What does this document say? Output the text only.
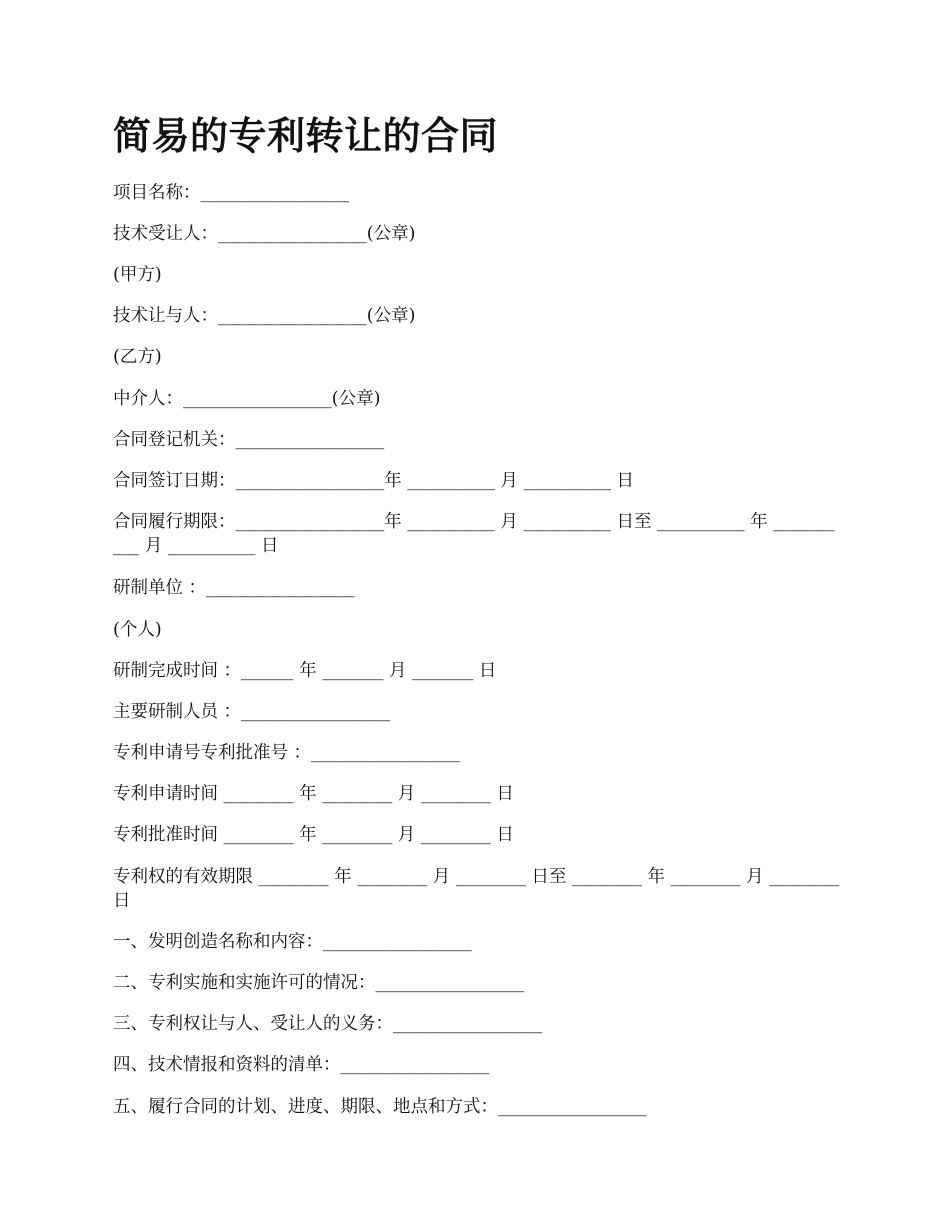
简易的专利转让的合同
项目名称：_________________
技术受让人：_________________(公章)
(甲方)
技术让与人：_________________(公章)
(乙方)
中介人：_________________(公章)
合同登记机关：_________________
合同签订日期：_________________年 __________ 月 __________ 日
合同履行期限：_________________年 __________ 月 __________ 日至 __________ 年 __________ 月 __________ 日
研制单位 ：_________________
(个人)
研制完成时间 ：______ 年 _______ 月 _______ 日
主要研制人员 ：_________________
专利申请号专利批准号 ：_________________
专利申请时间 ________ 年 ________ 月 ________ 日
专利批准时间 ________ 年 ________ 月 ________ 日
专利权的有效期限 ________ 年 ________ 月 ________ 日至 ________ 年 ________ 月 ________ 日
一、发明创造名称和内容：_________________
二、专利实施和实施许可的情况：_________________
三、专利权让与人、受让人的义务：_________________
四、技术情报和资料的清单：_________________
五、履行合同的计划、进度、期限、地点和方式：_________________
